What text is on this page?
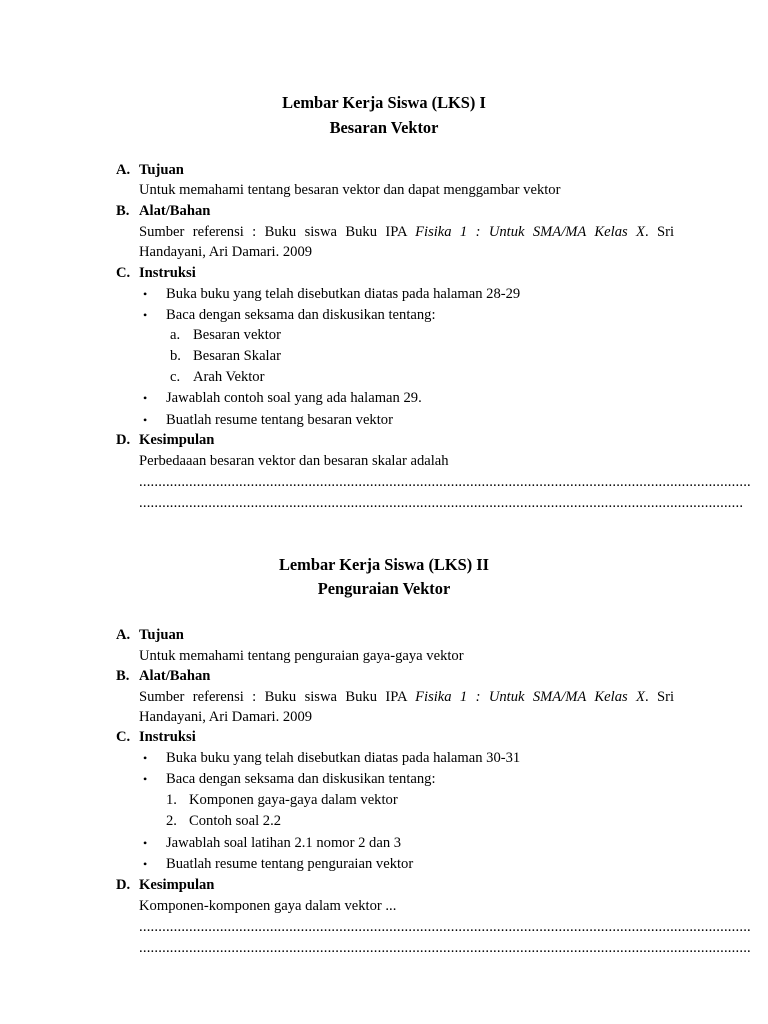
Lembar Kerja Siswa (LKS) I
Besaran Vektor
A. Tujuan
Untuk memahami tentang besaran vektor dan dapat menggambar vektor
B. Alat/Bahan
Sumber referensi : Buku siswa Buku IPA Fisika 1 : Untuk SMA/MA Kelas X. Sri
Handayani, Ari Damari. 2009
C. Instruksi
• Buka buku yang telah disebutkan diatas pada halaman 28-29
• Baca dengan seksama dan diskusikan tentang:
a. Besaran vektor
b. Besaran Skalar
c. Arah Vektor
• Jawablah contoh soal yang ada halaman 29.
• Buatlah resume tentang besaran vektor
D. Kesimpulan
Perbedaaan besaran vektor dan besaran skalar adalah
...............................................................................................................................................................
.............................................................................................................................................................
Lembar Kerja Siswa (LKS) II
Penguraian Vektor
A. Tujuan
Untuk memahami tentang penguraian gaya-gaya vektor
B. Alat/Bahan
Sumber referensi : Buku siswa Buku IPA Fisika 1 : Untuk SMA/MA Kelas X. Sri
Handayani, Ari Damari. 2009
C. Instruksi
• Buka buku yang telah disebutkan diatas pada halaman 30-31
• Baca dengan seksama dan diskusikan tentang:
1. Komponen gaya-gaya dalam vektor
2. Contoh soal 2.2
• Jawablah soal latihan 2.1 nomor 2 dan 3
• Buatlah resume tentang penguraian vektor
D. Kesimpulan
Komponen-komponen gaya dalam vektor ...
...............................................................................................................................................................
...............................................................................................................................................................
